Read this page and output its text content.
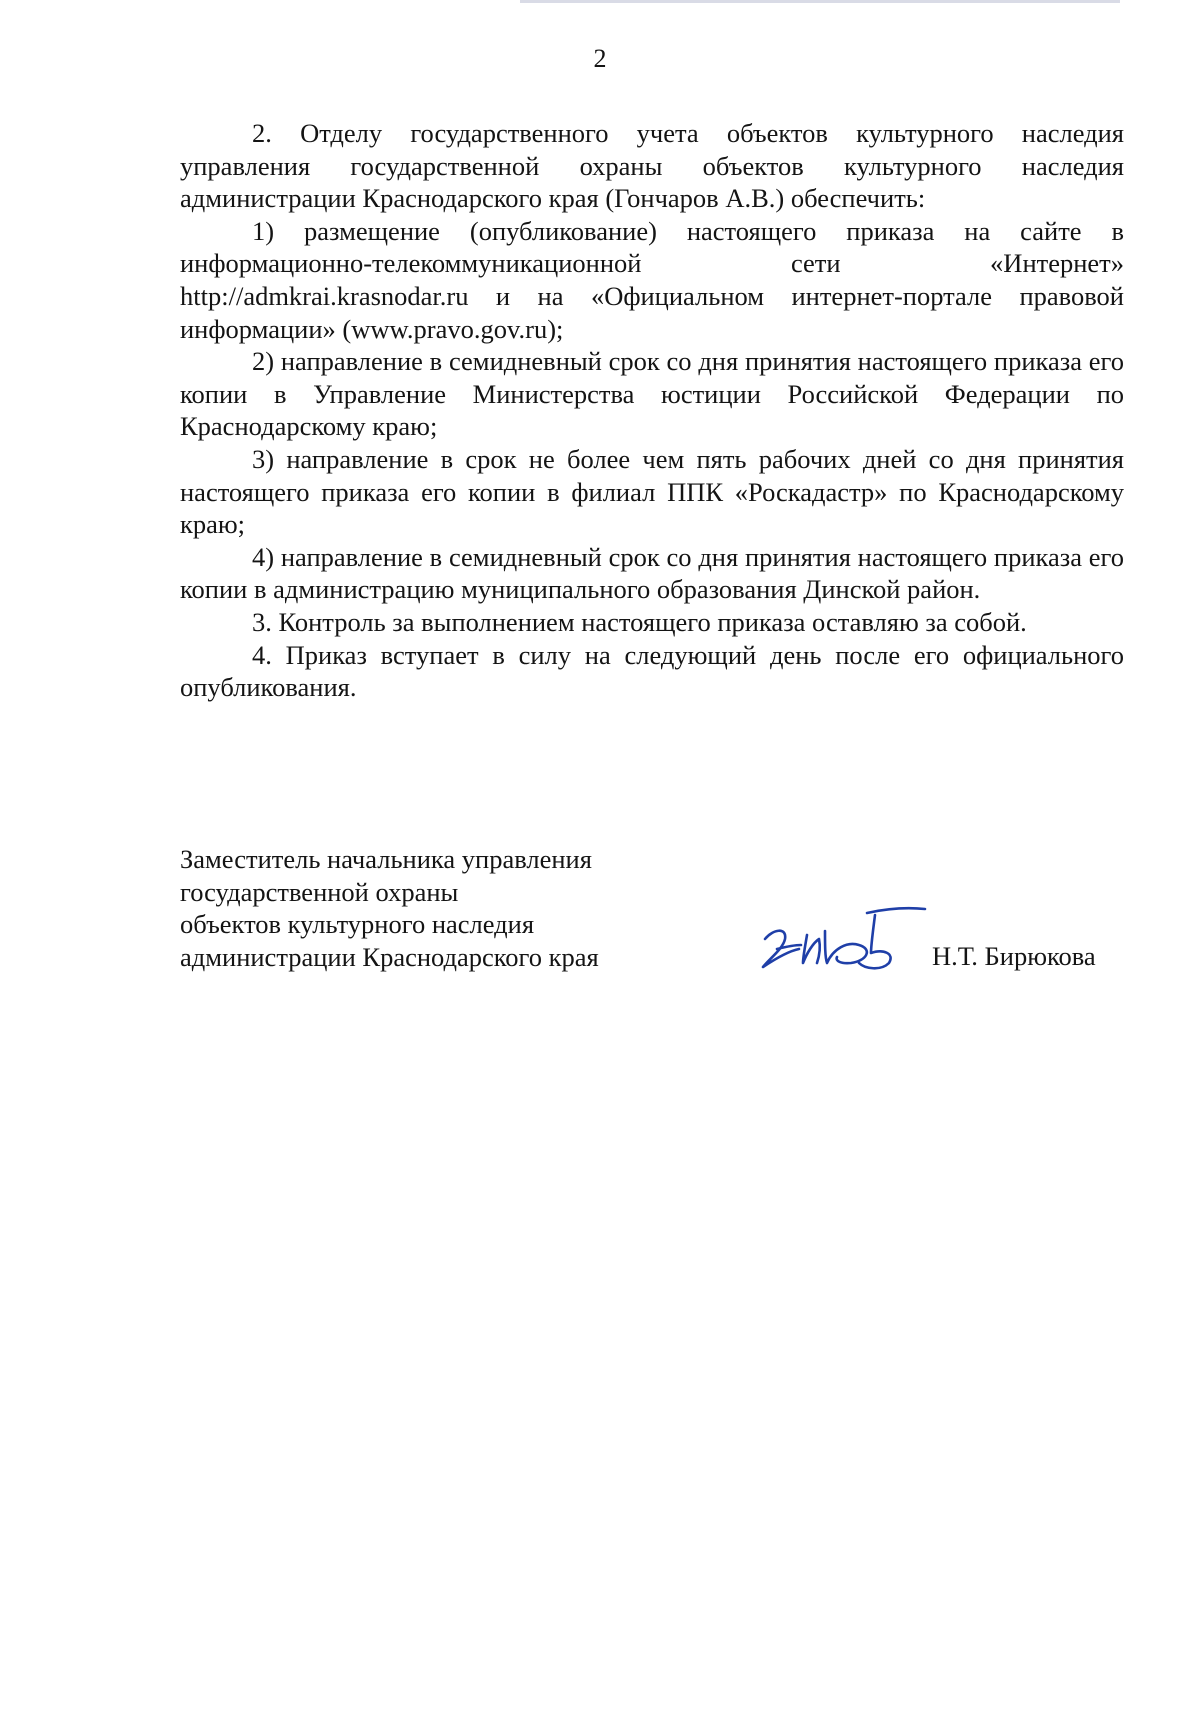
2

2. Отделу государственного учета объектов культурного наследия управления государственной охраны объектов культурного наследия администрации Краснодарского края (Гончаров А.В.) обеспечить:

1) размещение (опубликование) настоящего приказа на сайте в информационно-телекоммуникационной сети «Интернет» http://admkrai.krasnodar.ru и на «Официальном интернет-портале правовой информации» (www.pravo.gov.ru);

2) направление в семидневный срок со дня принятия настоящего приказа его копии в Управление Министерства юстиции Российской Федерации по Краснодарскому краю;

3) направление в срок не более чем пять рабочих дней со дня принятия настоящего приказа его копии в филиал ППК «Роскадастр» по Краснодарскому краю;

4) направление в семидневный срок со дня принятия настоящего приказа его копии в администрацию муниципального образования Динской район.

3. Контроль за выполнением настоящего приказа оставляю за собой.

4. Приказ вступает в силу на следующий день после его официального опубликования.

Заместитель начальника управления
государственной охраны
объектов культурного наследия
администрации Краснодарского края	Н.Т. Бирюкова
